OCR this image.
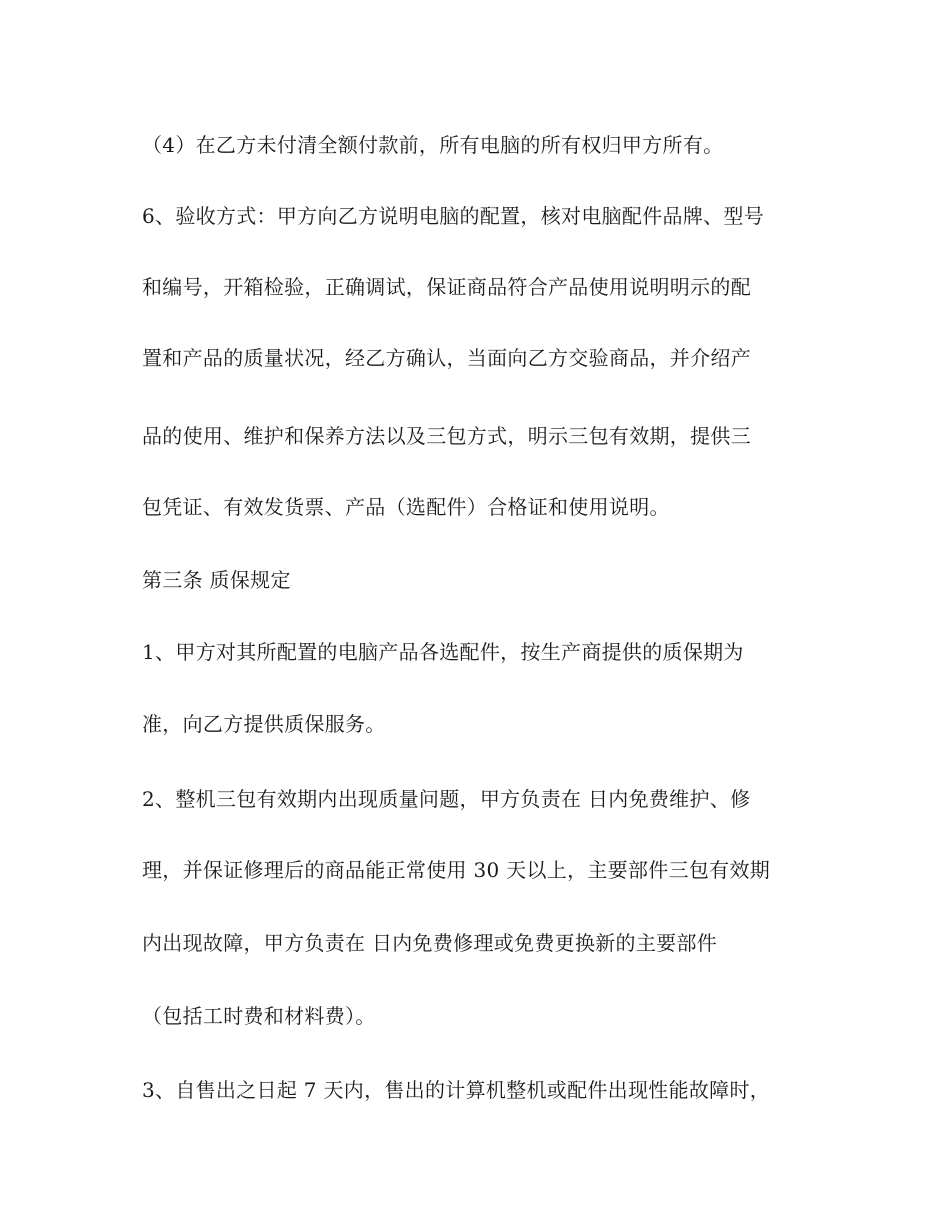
（4）在乙方未付清全额付款前，所有电脑的所有权归甲方所有。
6、验收方式：甲方向乙方说明电脑的配置，核对电脑配件品牌、型号
和编号，开箱检验，正确调试，保证商品符合产品使用说明明示的配
置和产品的质量状况，经乙方确认，当面向乙方交验商品，并介绍产
品的使用、维护和保养方法以及三包方式，明示三包有效期，提供三
包凭证、有效发货票、产品（选配件）合格证和使用说明。
第三条 质保规定
1、甲方对其所配置的电脑产品各选配件，按生产商提供的质保期为
准，向乙方提供质保服务。
2、整机三包有效期内出现质量问题，甲方负责在 日内免费维护、修
理，并保证修理后的商品能正常使用 30 天以上，主要部件三包有效期
内出现故障，甲方负责在 日内免费修理或免费更换新的主要部件
（包括工时费和材料费）。
3、自售出之日起 7 天内，售出的计算机整机或配件出现性能故障时，
